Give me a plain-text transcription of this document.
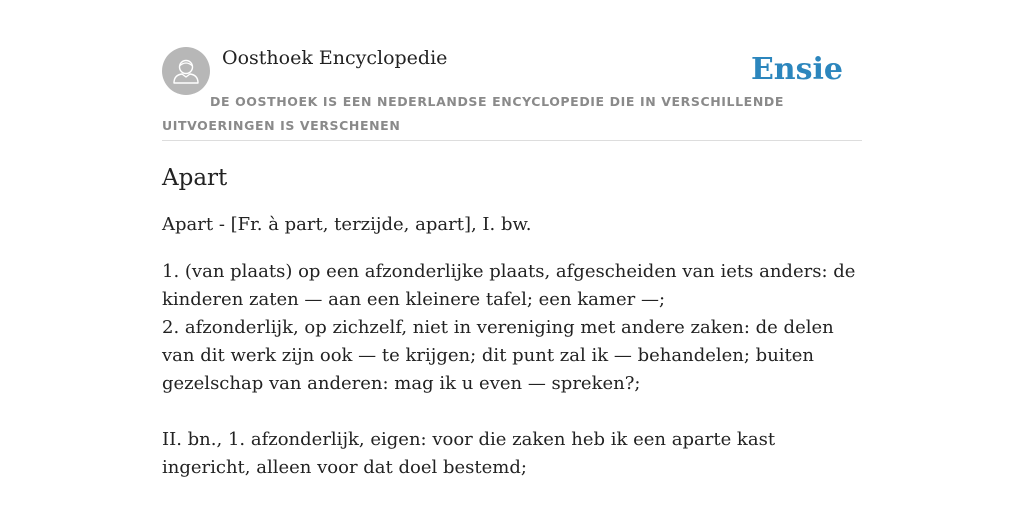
Oosthoek Encyclopedie	Ensie
DE OOSTHOEK IS EEN NEDERLANDSE ENCYCLOPEDIE DIE IN VERSCHILLENDE UITVOERINGEN IS VERSCHENEN
Apart

Apart - [Fr. à part, terzijde, apart], I. bw.

1. (van plaats) op een afzonderlijke plaats, afgescheiden van iets anders: de kinderen zaten — aan een kleinere tafel; een kamer —;
2. afzonderlijk, op zichzelf, niet in vereniging met andere zaken: de delen van dit werk zijn ook — te krijgen; dit punt zal ik — behandelen; buiten gezelschap van anderen: mag ik u even — spreken?;
II. bn., 1. afzonderlijk, eigen: voor die zaken heb ik een aparte kast ingericht, alleen voor dat doel bestemd;
